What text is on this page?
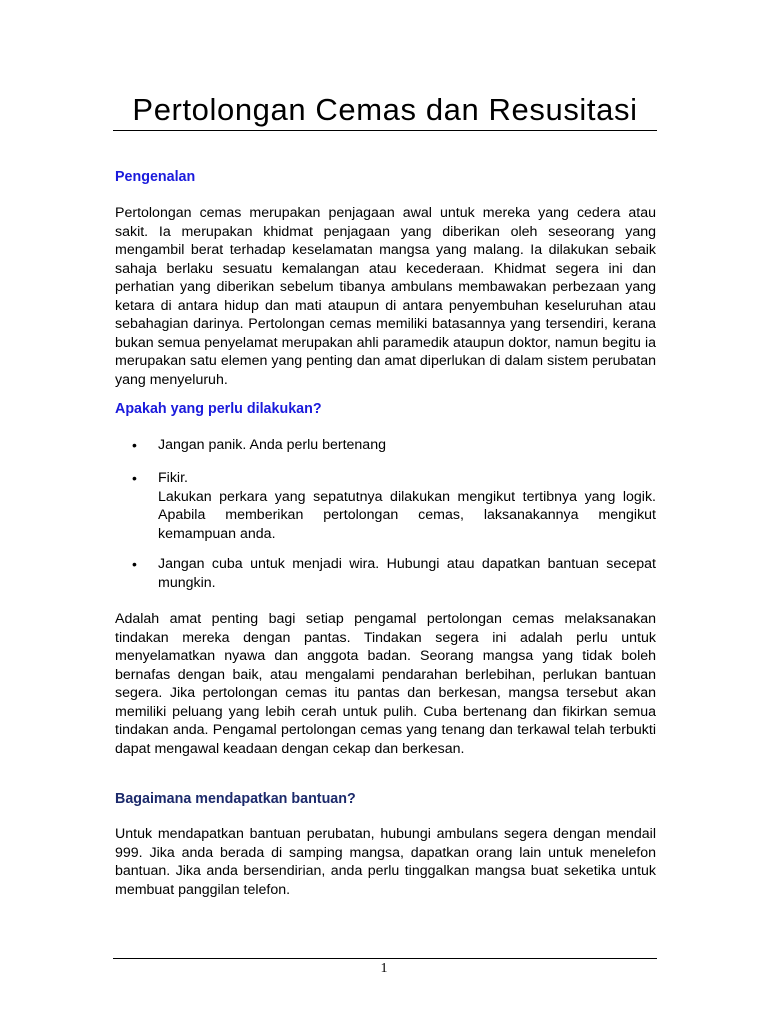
Pertolongan Cemas dan Resusitasi
Pengenalan

Pertolongan cemas merupakan penjagaan awal untuk mereka yang cedera atau sakit. Ia merupakan khidmat penjagaan yang diberikan oleh seseorang yang mengambil berat terhadap keselamatan mangsa yang malang. Ia dilakukan sebaik sahaja berlaku sesuatu kemalangan atau kecederaan. Khidmat segera ini dan perhatian yang diberikan sebelum tibanya ambulans membawakan perbezaan yang ketara di antara hidup dan mati ataupun di antara penyembuhan keseluruhan atau sebahagian darinya. Pertolongan cemas memiliki batasannya yang tersendiri, kerana bukan semua penyelamat merupakan ahli paramedik ataupun doktor, namun begitu ia merupakan satu elemen yang penting dan amat diperlukan di dalam sistem perubatan yang menyeluruh.

Apakah yang perlu dilakukan?
• Jangan panik. Anda perlu bertenang

• Fikir.

Lakukan perkara yang sepatutnya dilakukan mengikut tertibnya yang logik. Apabila memberikan pertolongan cemas, laksanakannya mengikut kemampuan anda.

• Jangan cuba untuk menjadi wira. Hubungi atau dapatkan bantuan secepat mungkin.

Adalah amat penting bagi setiap pengamal pertolongan cemas melaksanakan tindakan mereka dengan pantas. Tindakan segera ini adalah perlu untuk menyelamatkan nyawa dan anggota badan. Seorang mangsa yang tidak boleh bernafas dengan baik, atau mengalami pendarahan berlebihan, perlukan bantuan segera. Jika pertolongan cemas itu pantas dan berkesan, mangsa tersebut akan memiliki peluang yang lebih cerah untuk pulih. Cuba bertenang dan fikirkan semua tindakan anda. Pengamal pertolongan cemas yang tenang dan terkawal telah terbukti dapat mengawal keadaan dengan cekap dan berkesan.

Bagaimana mendapatkan bantuan?

Untuk mendapatkan bantuan perubatan, hubungi ambulans segera dengan mendail 999. Jika anda berada di samping mangsa, dapatkan orang lain untuk menelefon bantuan. Jika anda bersendirian, anda perlu tinggalkan mangsa buat seketika untuk membuat panggilan telefon.

1
